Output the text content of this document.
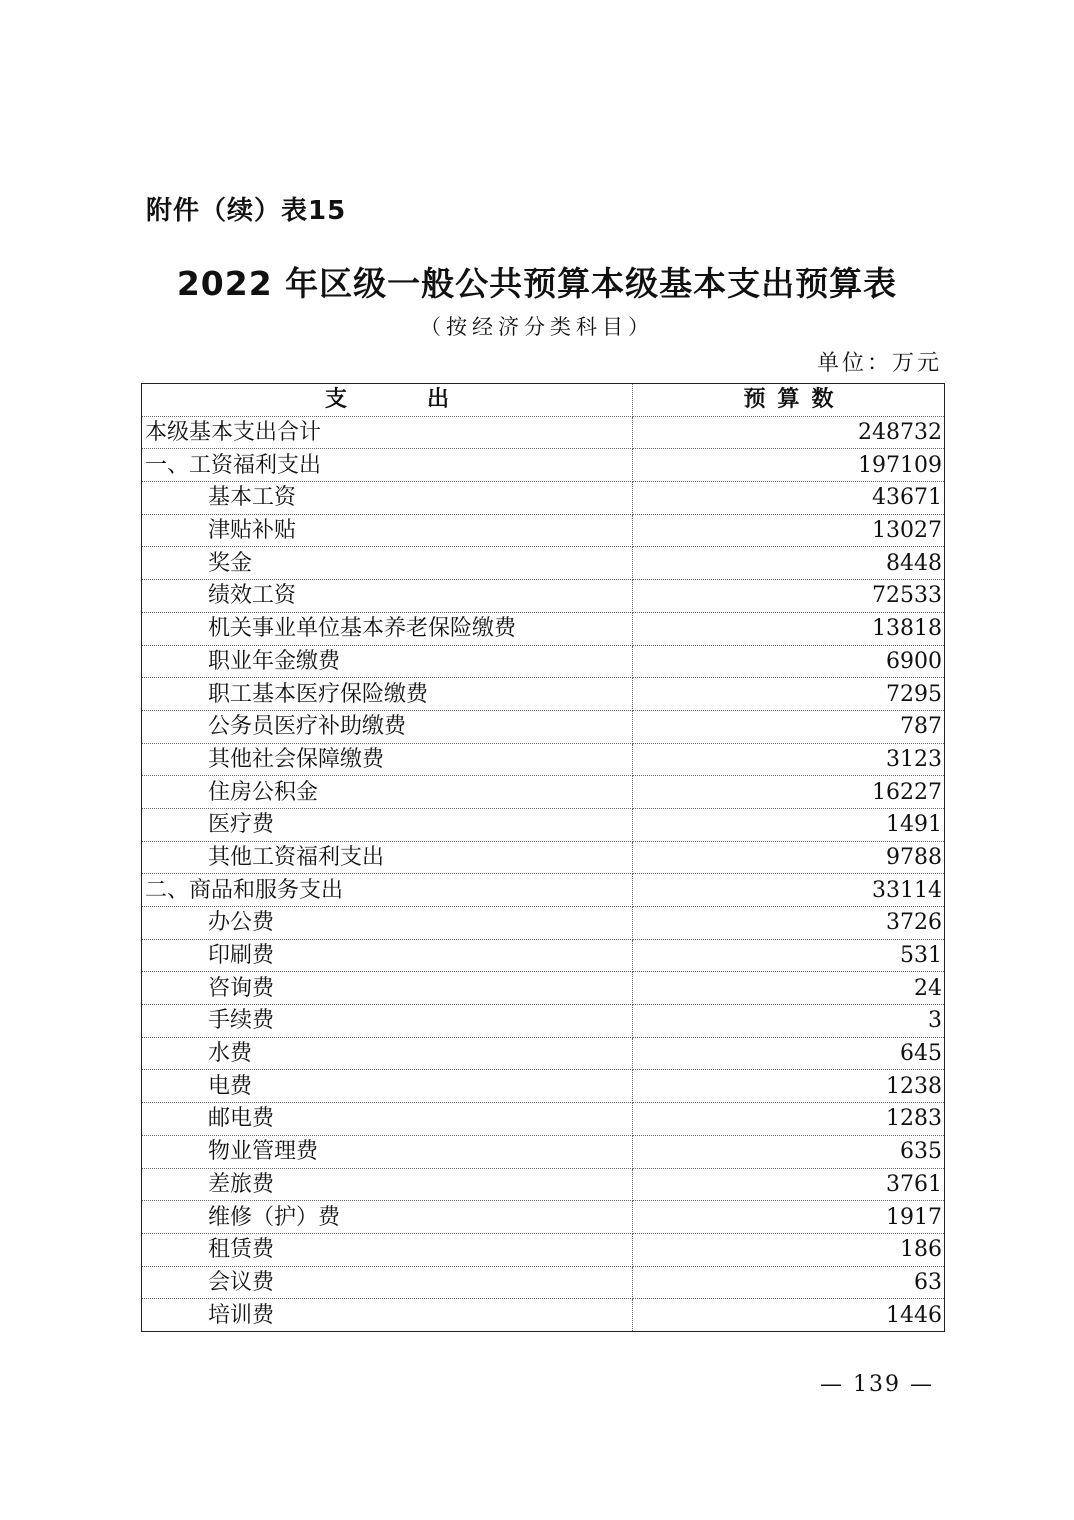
附件（续）表15
2022 年区级一般公共预算本级基本支出预算表
（按经济分类科目）
单位：万元
支出	预算数
本级基本支出合计	248732
一、工资福利支出	197109
基本工资	43671
津贴补贴	13027
奖金	8448
绩效工资	72533
机关事业单位基本养老保险缴费	13818
职业年金缴费	6900
职工基本医疗保险缴费	7295
公务员医疗补助缴费	787
其他社会保障缴费	3123
住房公积金	16227
医疗费	1491
其他工资福利支出	9788
二、商品和服务支出	33114
办公费	3726
印刷费	531
咨询费	24
手续费	3
水费	645
电费	1238
邮电费	1283
物业管理费	635
差旅费	3761
维修（护）费	1917
租赁费	186
会议费	63
培训费	1446
— 139 —
